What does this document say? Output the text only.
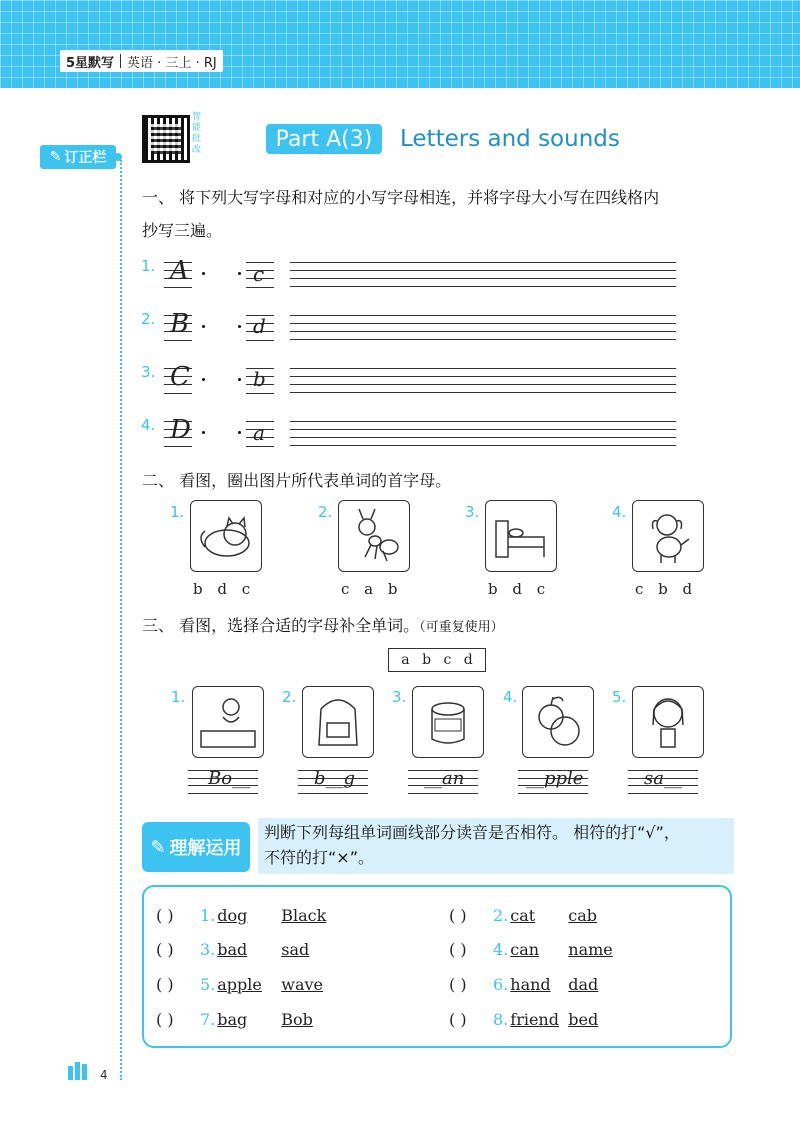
5星默写 英语 · 三上 · RJ
✎ 订正栏
智能批改	Part A(3)	Letters and sounds
一、 将下列大写字母和对应的小写字母相连，并将字母大小写在四线格内
抄写三遍。
1. A	c
2. B	d
3. C	b
4. D	a
二、 看图，圈出图片所代表单词的首字母。
1.
b d c
2.
c a b
3.
b d c
4.
c b d
三、 看图，选择合适的字母补全单词。（可重复使用）
a b c d
1.
Bo__
2.
b__g
3.
__an
4.
__pple
5.
sa__
✎ 理解运用
判断下列每组单词画线部分读音是否相符。 相符的打“√”，
不符的打“×”。
( ) 1. dog Black
( ) 3. bad sad
( ) 5. apple wave
( ) 7. bag Bob
( ) 2. cat cab
( ) 4. can name
( ) 6. hand dad
( ) 8. friend bed
4
